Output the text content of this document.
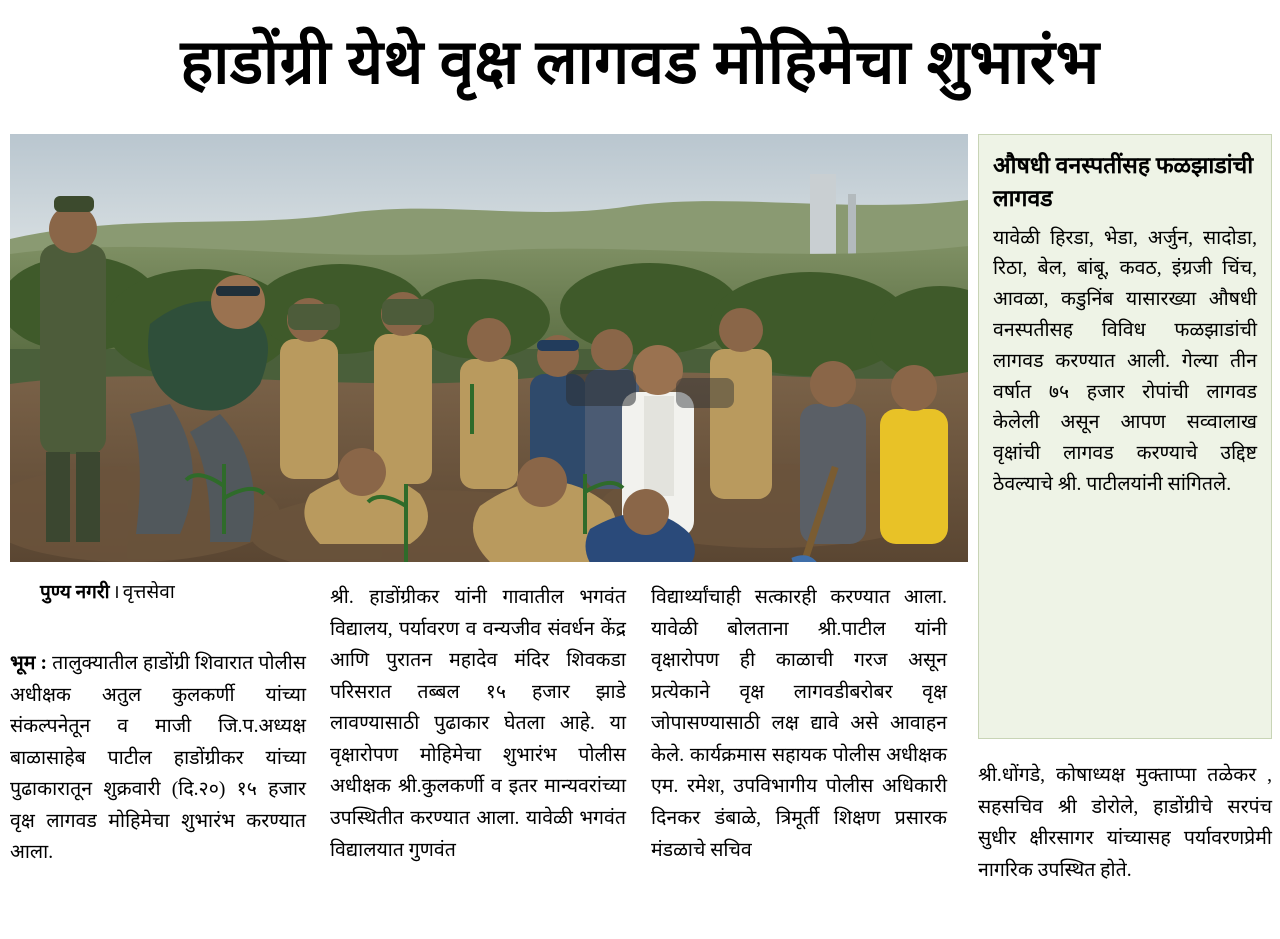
हाडोंग्री येथे वृक्ष लागवड मोहिमेचा शुभारंभ
औषधी वनस्पतींसह फळझाडांची लागवड
यावेळी हिरडा, भेडा, अर्जुन, सादोडा, रिठा, बेल, बांबू, कवठ, इंग्रजी चिंच, आवळा, कडुनिंब यासारख्या औषधी वनस्पतीसह विविध फळझाडांची लागवड करण्यात आली. गेल्या तीन वर्षात ७५ हजार रोपांची लागवड केलेली असून आपण सव्वालाख वृक्षांची लागवड करण्याचे उद्दिष्ट ठेवल्याचे श्री. पाटीलयांनी सांगितले.
पुण्य नगरी । वृत्तसेवा

भूम : तालुक्यातील हाडोंग्री शिवारात पोलीस अधीक्षक अतुल कुलकर्णी यांच्या संकल्पनेतून व माजी जि.प.अध्यक्ष बाळासाहेब पाटील हाडोंग्रीकर यांच्या पुढाकारातून शुक्रवारी (दि.२०) १५ हजार वृक्ष लागवड मोहिमेचा शुभारंभ करण्यात आला.

श्री. हाडोंग्रीकर यांनी गावातील भगवंत विद्यालय, पर्यावरण व वन्यजीव संवर्धन केंद्र आणि पुरातन महादेव मंदिर शिवकडा परिसरात तब्बल १५ हजार झाडे लावण्यासाठी पुढाकार घेतला आहे. या वृक्षारोपण मोहिमेचा शुभारंभ पोलीस अधीक्षक श्री.कुलकर्णी व इतर मान्यवरांच्या उपस्थितीत करण्यात आला. यावेळी भगवंत विद्यालयात गुणवंत

विद्यार्थ्यांचाही सत्कारही करण्यात आला. यावेळी बोलताना श्री.पाटील यांनी वृक्षारोपण ही काळाची गरज असून प्रत्येकाने वृक्ष लागवडीबरोबर वृक्ष जोपासण्यासाठी लक्ष द्यावे असे आवाहन केले. कार्यक्रमास सहायक पोलीस अधीक्षक एम. रमेश, उपविभागीय पोलीस अधिकारी दिनकर डंबाळे, त्रिमूर्ती शिक्षण प्रसारक मंडळाचे सचिव

श्री.धोंगडे, कोषाध्यक्ष मुक्ताप्पा तळेकर , सहसचिव श्री डोरोले, हाडोंग्रीचे सरपंच सुधीर क्षीरसागर यांच्यासह पर्यावरणप्रेमी नागरिक उपस्थित होते.
